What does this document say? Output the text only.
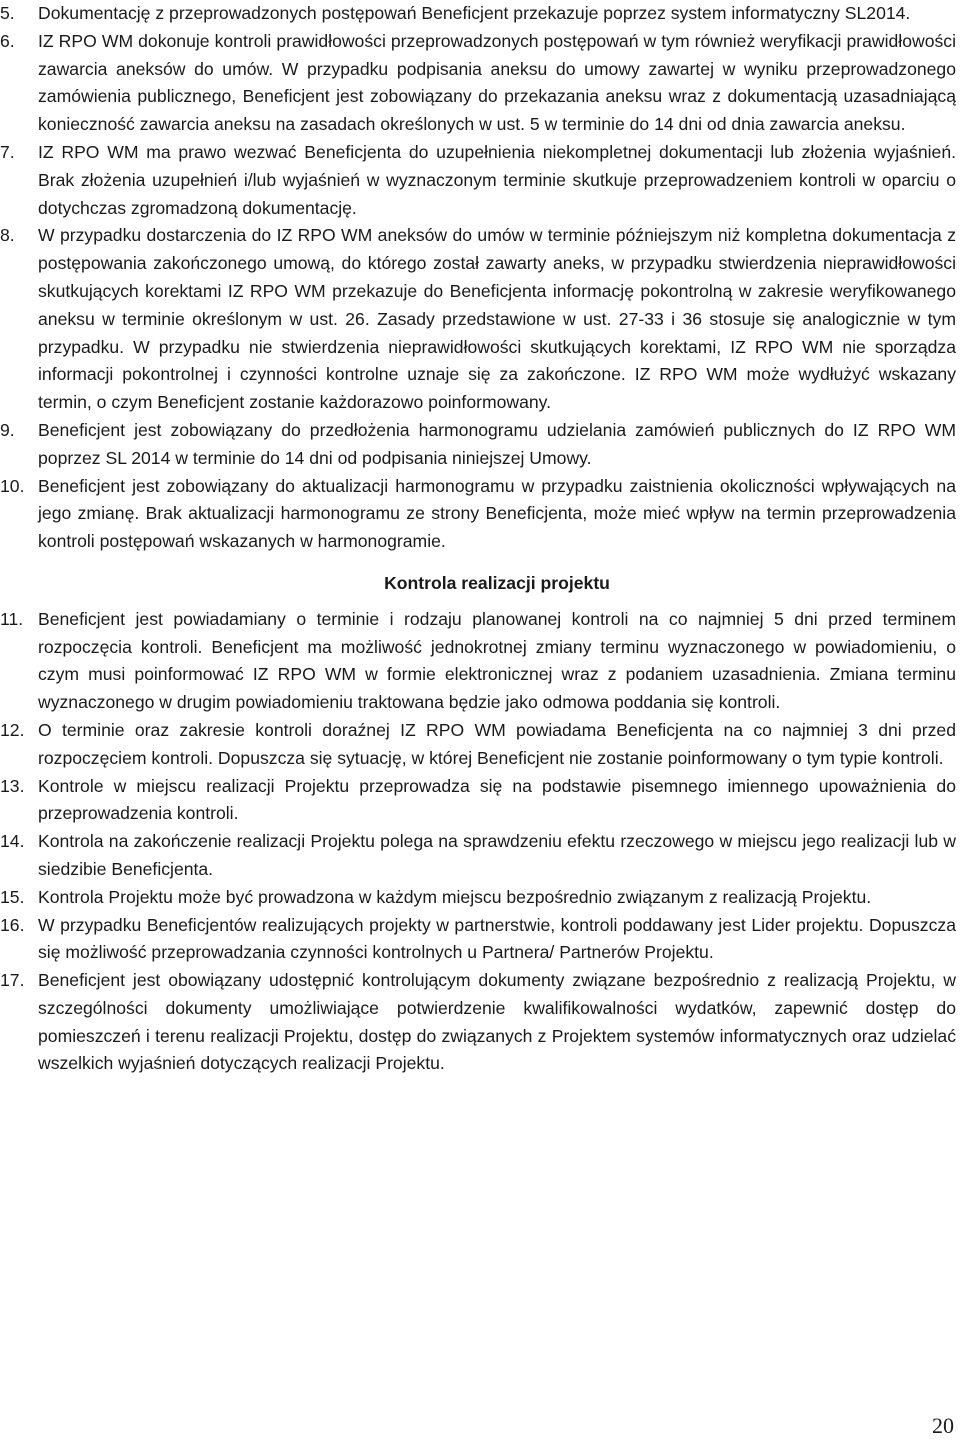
5.	Dokumentację z przeprowadzonych postępowań Beneficjent przekazuje poprzez system informatyczny SL2014.
6.	IZ RPO WM dokonuje kontroli prawidłowości przeprowadzonych postępowań w tym również weryfikacji prawidłowości zawarcia aneksów do umów. W przypadku podpisania aneksu do umowy zawartej w wyniku przeprowadzonego zamówienia publicznego, Beneficjent jest zobowiązany do przekazania aneksu wraz z dokumentacją uzasadniającą konieczność zawarcia aneksu na zasadach określonych w ust. 5 w terminie do 14 dni od dnia zawarcia aneksu.
7.	IZ RPO WM ma prawo wezwać Beneficjenta do uzupełnienia niekompletnej dokumentacji lub złożenia wyjaśnień. Brak złożenia uzupełnień i/lub wyjaśnień w wyznaczonym terminie skutkuje przeprowadzeniem kontroli w oparciu o dotychczas zgromadzoną dokumentację.
8.	W przypadku dostarczenia do IZ RPO WM aneksów do umów w terminie późniejszym niż kompletna dokumentacja z postępowania zakończonego umową, do którego został zawarty aneks, w przypadku stwierdzenia nieprawidłowości skutkujących korektami IZ RPO WM przekazuje do Beneficjenta informację pokontrolną w zakresie weryfikowanego aneksu w terminie określonym w ust. 26. Zasady przedstawione w ust. 27-33 i 36 stosuje się analogicznie w tym przypadku. W przypadku nie stwierdzenia nieprawidłowości skutkujących korektami, IZ RPO WM nie sporządza informacji pokontrolnej i czynności kontrolne uznaje się za zakończone. IZ RPO WM może wydłużyć wskazany termin, o czym Beneficjent zostanie każdorazowo poinformowany.
9.	Beneficjent jest zobowiązany do przedłożenia harmonogramu udzielania zamówień publicznych do IZ RPO WM poprzez SL 2014 w terminie do 14 dni od podpisania niniejszej Umowy.
10. Beneficjent jest zobowiązany do aktualizacji harmonogramu w przypadku zaistnienia okoliczności wpływających na jego zmianę. Brak aktualizacji harmonogramu ze strony Beneficjenta, może mieć wpływ na termin przeprowadzenia kontroli postępowań wskazanych w harmonogramie.
Kontrola realizacji projektu
11. Beneficjent jest powiadamiany o terminie i rodzaju planowanej kontroli na co najmniej 5 dni przed terminem rozpoczęcia kontroli. Beneficjent ma możliwość jednokrotnej zmiany terminu wyznaczonego w powiadomieniu, o czym musi poinformować IZ RPO WM w formie elektronicznej wraz z podaniem uzasadnienia. Zmiana terminu wyznaczonego w drugim powiadomieniu traktowana będzie jako odmowa poddania się kontroli.
12. O terminie oraz zakresie kontroli doraźnej IZ RPO WM powiadama Beneficjenta na co najmniej 3 dni przed rozpoczęciem kontroli. Dopuszcza się sytuację, w której Beneficjent nie zostanie poinformowany o tym typie kontroli.
13. Kontrole w miejscu realizacji Projektu przeprowadza się na podstawie pisemnego imiennego upoważnienia do przeprowadzenia kontroli.
14. Kontrola na zakończenie realizacji Projektu polega na sprawdzeniu efektu rzeczowego w miejscu jego realizacji lub w siedzibie Beneficjenta.
15. Kontrola Projektu może być prowadzona w każdym miejscu bezpośrednio związanym z realizacją Projektu.
16. W przypadku Beneficjentów realizujących projekty w partnerstwie, kontroli poddawany jest Lider projektu. Dopuszcza się możliwość przeprowadzania czynności kontrolnych u Partnera/ Partnerów Projektu.
17. Beneficjent jest obowiązany udostępnić kontrolującym dokumenty związane bezpośrednio z realizacją Projektu, w szczególności dokumenty umożliwiające potwierdzenie kwalifikowalności wydatków, zapewnić dostęp do pomieszczeń i terenu realizacji Projektu, dostęp do związanych z Projektem systemów informatycznych oraz udzielać wszelkich wyjaśnień dotyczących realizacji Projektu.
20
